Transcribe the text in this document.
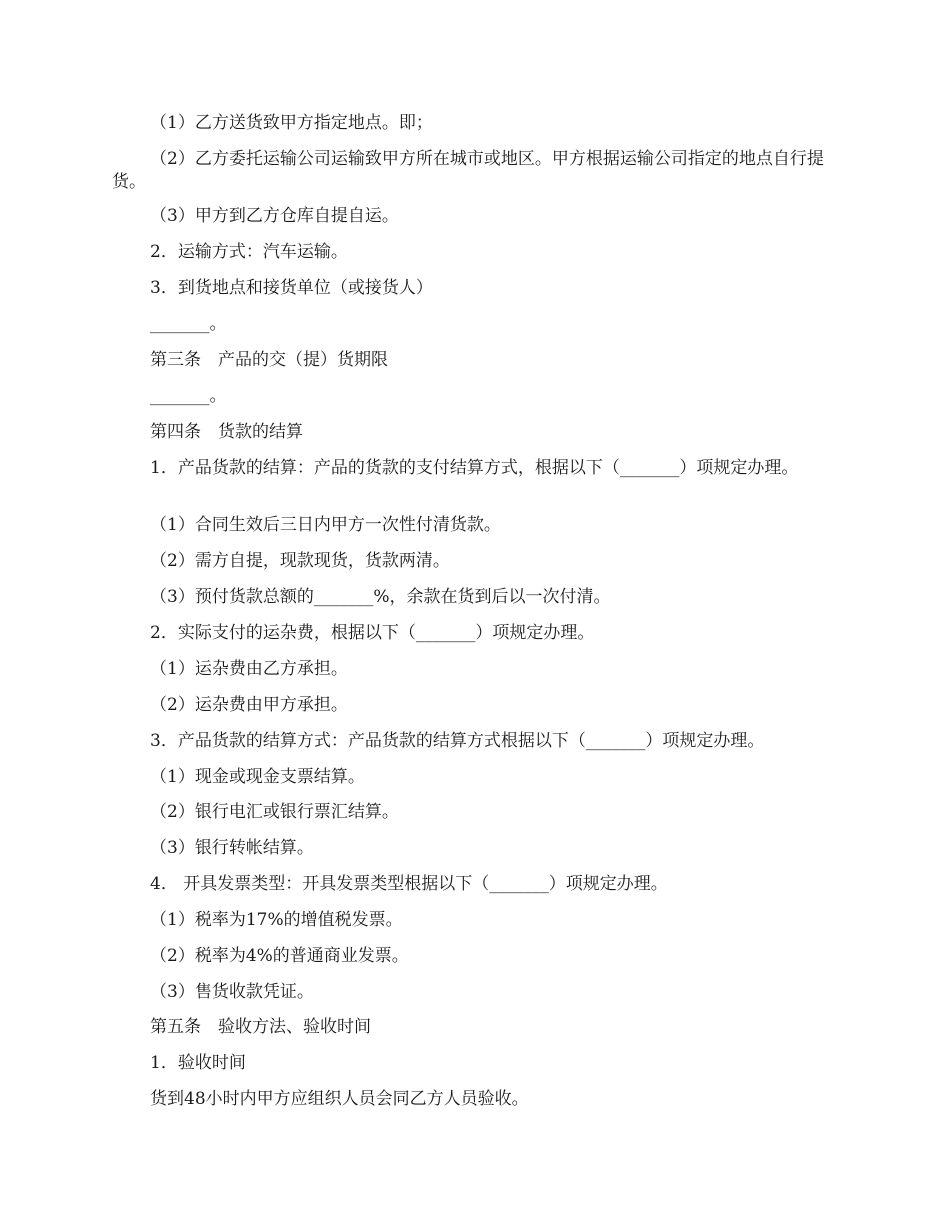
（1）乙方送货致甲方指定地点。即；

（2）乙方委托运输公司运输致甲方所在城市或地区。甲方根据运输公司指定的地点自行提货。

（3）甲方到乙方仓库自提自运。

2．运输方式：汽车运输。

3．到货地点和接货单位（或接货人）

_______。

第三条　产品的交（提）货期限

_______。

第四条　货款的结算

1．产品货款的结算：产品的货款的支付结算方式，根据以下（_______）项规定办理。

（1）合同生效后三日内甲方一次性付清货款。

（2）需方自提，现款现货，货款两清。

（3）预付货款总额的_______%，余款在货到后以一次付清。

2．实际支付的运杂费，根据以下（_______）项规定办理。

（1）运杂费由乙方承担。

（2）运杂费由甲方承担。

3．产品货款的结算方式：产品货款的结算方式根据以下（_______）项规定办理。

（1）现金或现金支票结算。

（2）银行电汇或银行票汇结算。

（3）银行转帐结算。

4． 开具发票类型：开具发票类型根据以下（_______）项规定办理。

（1）税率为17%的增值税发票。

（2）税率为4%的普通商业发票。

（3）售货收款凭证。

第五条　验收方法、验收时间

1．验收时间

货到48小时内甲方应组织人员会同乙方人员验收。
